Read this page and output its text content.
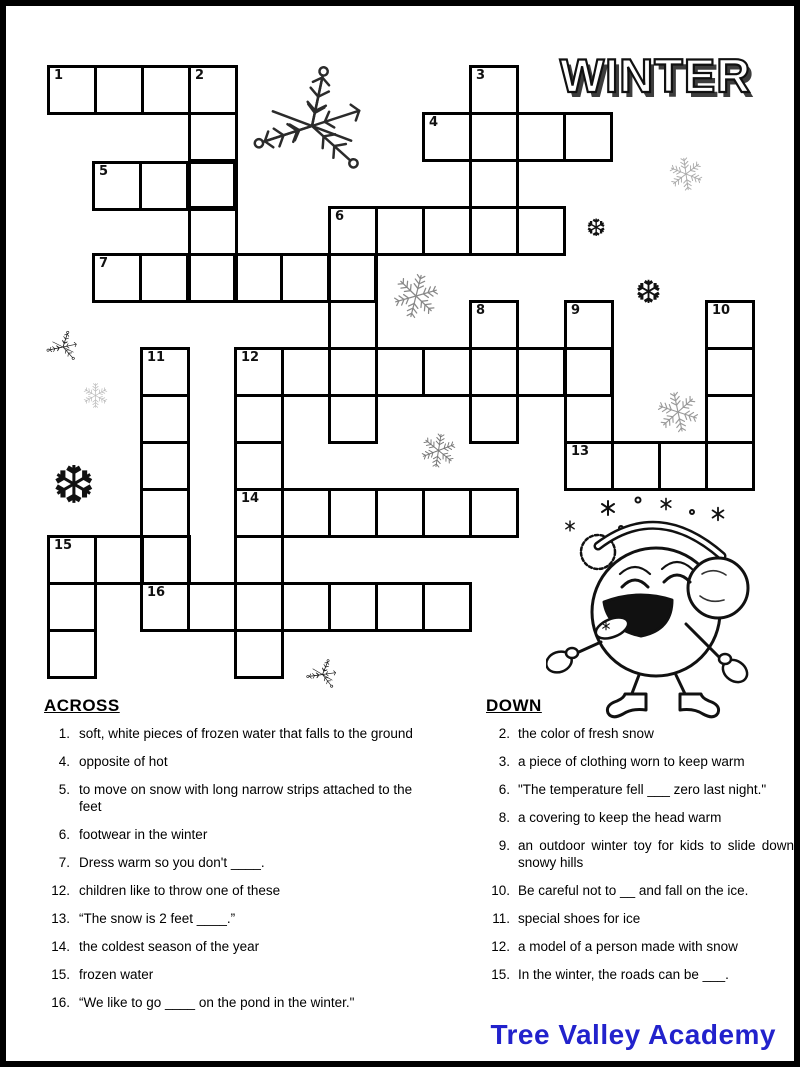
❆
❆
❆
WINTER
1	2
4
5
6
7
12
13
14
15
16
3
8	9	10
11
ACROSS
1. soft, white pieces of frozen water that falls to the ground
4. opposite of hot
5. to move on snow with long narrow strips attached to the feet
6. footwear in the winter
7. Dress warm so you don't ____.
12. children like to throw one of these
13. “The snow is 2 feet ____.”
14. the coldest season of the year
15. frozen water
16. “We like to go ____ on the pond in the winter."
DOWN
2. the color of fresh snow
3. a piece of clothing worn to keep warm
6. "The temperature fell ___ zero last night."
8. a covering to keep the head warm
9. an outdoor winter toy for kids to slide down snowy hills
10. Be careful not to __ and fall on the ice.
11. special shoes for ice
12. a model of a person made with snow
15. In the winter, the roads can be ___.
Tree Valley Academy
